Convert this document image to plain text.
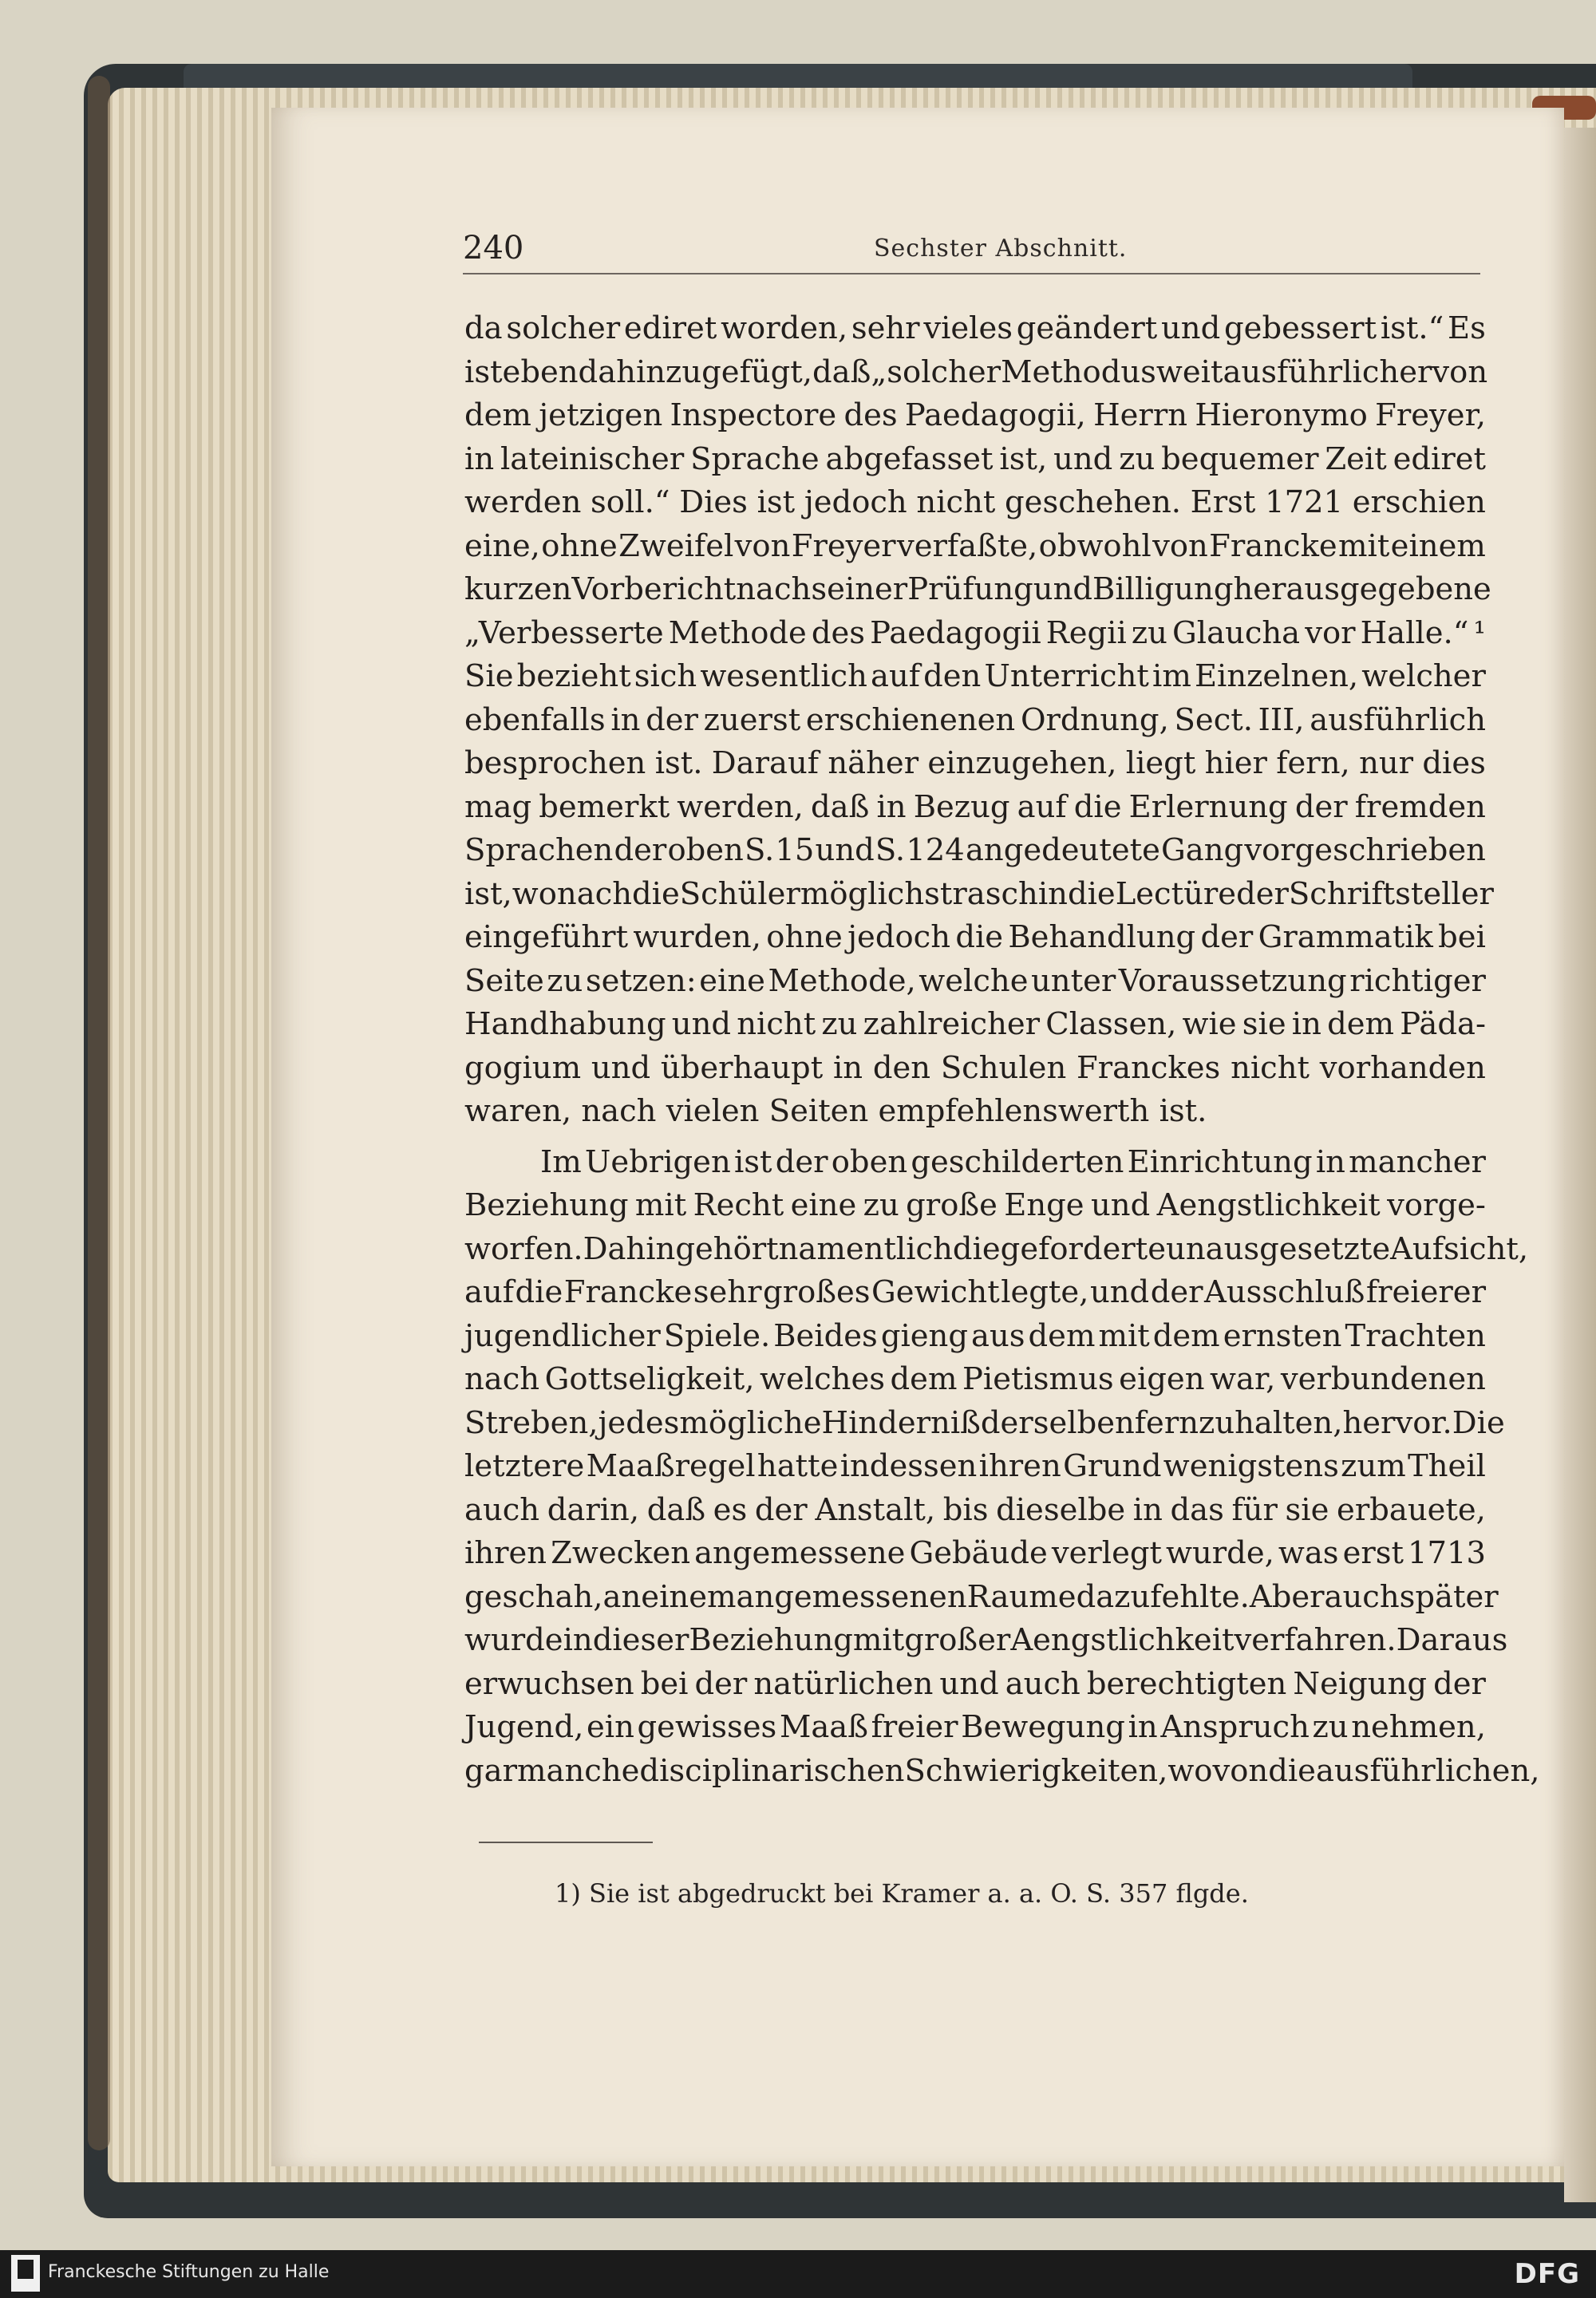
240	Sechster Abschnitt.
da solcher ediret worden, sehr vieles geändert und gebessert ist.“ Es
ist ebenda hinzugefügt, daß „solcher Methodus weit ausführlicher von
dem jetzigen Inspectore des Paedagogii, Herrn Hieronymo Freyer,
in lateinischer Sprache abgefasset ist, und zu bequemer Zeit ediret
werden soll.“ Dies ist jedoch nicht geschehen. Erst 1721 erschien
eine, ohne Zweifel von Freyer verfaßte, obwohl von Francke mit einem
kurzen Vorbericht nach seiner Prüfung und Billigung herausgegebene
„Verbesserte Methode des Paedagogii Regii zu Glaucha vor Halle.“ ¹
Sie bezieht sich wesentlich auf den Unterricht im Einzelnen, welcher
ebenfalls in der zuerst erschienenen Ordnung, Sect. III, ausführlich
besprochen ist. Darauf näher einzugehen, liegt hier fern, nur dies
mag bemerkt werden, daß in Bezug auf die Erlernung der fremden
Sprachen der oben S. 15 und S. 124 angedeutete Gang vorgeschrieben
ist, wonach die Schüler möglichst rasch in die Lectüre der Schriftsteller
eingeführt wurden, ohne jedoch die Behandlung der Grammatik bei
Seite zu setzen: eine Methode, welche unter Voraussetzung richtiger
Handhabung und nicht zu zahlreicher Classen, wie sie in dem Päda-
gogium und überhaupt in den Schulen Franckes nicht vorhanden
waren, nach vielen Seiten empfehlenswerth ist.
Im Uebrigen ist der oben geschilderten Einrichtung in mancher
Beziehung mit Recht eine zu große Enge und Aengstlichkeit vorge-
worfen. Dahin gehört namentlich die geforderte unausgesetzte Aufsicht,
auf die Francke sehr großes Gewicht legte, und der Ausschluß freierer
jugendlicher Spiele. Beides gieng aus dem mit dem ernsten Trachten
nach Gottseligkeit, welches dem Pietismus eigen war, verbundenen
Streben, jedes mögliche Hinderniß derselben fernzuhalten, hervor. Die
letztere Maaßregel hatte indessen ihren Grund wenigstens zum Theil
auch darin, daß es der Anstalt, bis dieselbe in das für sie erbauete,
ihren Zwecken angemessene Gebäude verlegt wurde, was erst 1713
geschah, an einem angemessenen Raume dazu fehlte. Aber auch später
wurde in dieser Beziehung mit großer Aengstlichkeit verfahren. Daraus
erwuchsen bei der natürlichen und auch berechtigten Neigung der
Jugend, ein gewisses Maaß freier Bewegung in Anspruch zu nehmen,
gar manche disciplinarischen Schwierigkeiten, wovon die ausführlichen,
1) Sie ist abgedruckt bei Kramer a. a. O. S. 357 flgde.
Franckesche Stiftungen zu Halle	DFG
